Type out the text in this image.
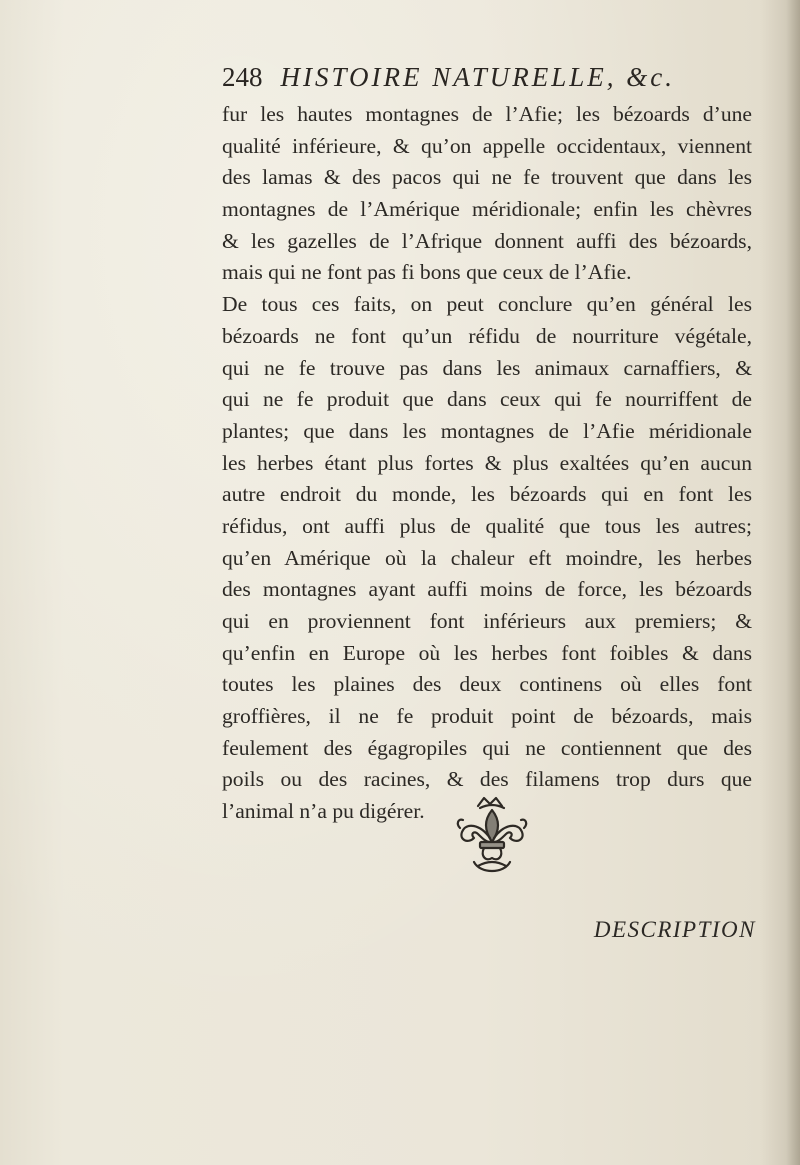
248 HISTOIRE NATURELLE, &c.
fur les hautes montagnes de l’Afie; les bézoards d’une
qualité inférieure, & qu’on appelle occidentaux, viennent
des lamas & des pacos qui ne fe trouvent que dans les
montagnes de l’Amérique méridionale; enfin les chèvres
& les gazelles de l’Afrique donnent auffi des bézoards,
mais qui ne font pas fi bons que ceux de l’Afie.
De tous ces faits, on peut conclure qu’en général les
bézoards ne font qu’un réfidu de nourriture végétale,
qui ne fe trouve pas dans les animaux carnaffiers, &
qui ne fe produit que dans ceux qui fe nourriffent de
plantes; que dans les montagnes de l’Afie méridionale
les herbes étant plus fortes & plus exaltées qu’en aucun
autre endroit du monde, les bézoards qui en font les
réfidus, ont auffi plus de qualité que tous les autres;
qu’en Amérique où la chaleur eft moindre, les herbes
des montagnes ayant auffi moins de force, les bézoards
qui en proviennent font inférieurs aux premiers; &
qu’enfin en Europe où les herbes font foibles & dans
toutes les plaines des deux continens où elles font
groffières, il ne fe produit point de bézoards, mais
feulement des égagropiles qui ne contiennent que des
poils ou des racines, & des filamens trop durs que
l’animal n’a pu digérer.
DESCRIPTION
